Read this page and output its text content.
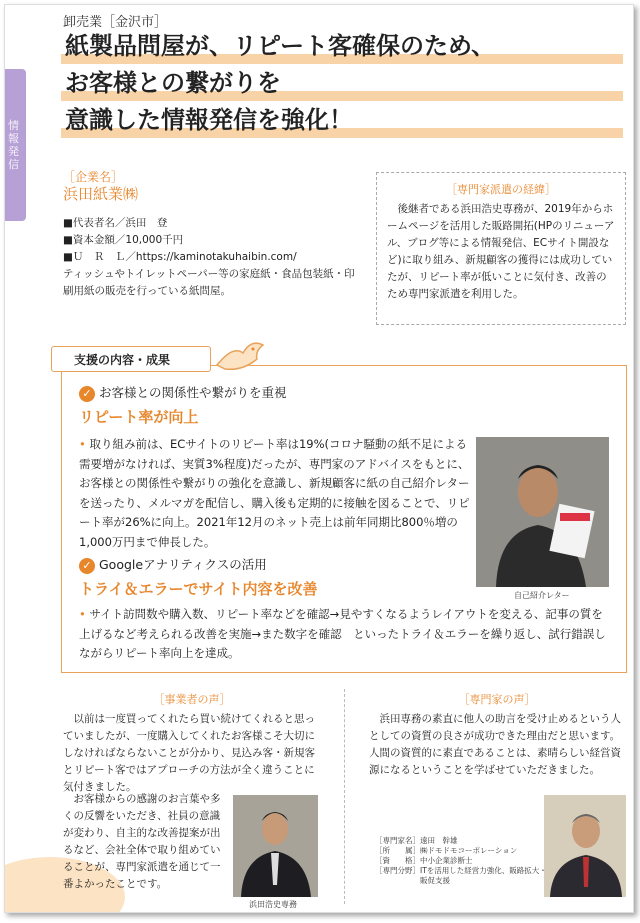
情報発信
卸売業［金沢市］
紙製品問屋が、リピート客確保のため、
お客様との繋がりを
意識した情報発信を強化！
［企業名］
浜田紙業㈱
■代表者名／浜田　登
■資本金額／10,000千円
■Ｕ　Ｒ　Ｌ／https://kaminotakuhaibin.com/
ティッシュやトイレットペーパー等の家庭紙・食品包装紙・印刷用紙の販売を行っている紙問屋。
［専門家派遣の経緯］
後継者である浜田浩史専務が、2019年からホームページを活用した販路開拓(HPのリニューアル、ブログ等による情報発信、ECサイト開設など)に取り組み、新規顧客の獲得には成功していたが、リピート率が低いことに気付き、改善のため専門家派遣を利用した。
支援の内容・成果
✓ お客様との関係性や繋がりを重視
リピート率が向上
• 取り組み前は、ECサイトのリピート率は19%(コロナ騒動の紙不足による需要増がなければ、実質3%程度)だったが、専門家のアドバイスをもとに、お客様との関係性や繋がりの強化を意識し、新規顧客に紙の自己紹介レターを送ったり、メルマガを配信し、購入後も定期的に接触を図ることで、リピート率が26%に向上。2021年12月のネット売上は前年同期比800％増の1,000万円まで伸長した。
自己紹介レター
✓ Googleアナリティクスの活用
トライ＆エラーでサイト内容を改善
• サイト訪問数や購入数、リピート率などを確認→見やすくなるようレイアウトを変える、記事の質を上げるなど考えられる改善を実施→また数字を確認　といったトライ＆エラーを繰り返し、試行錯誤しながらリピート率向上を達成。
［事業者の声］

以前は一度買ってくれたら買い続けてくれると思っていましたが、一度購入してくれたお客様こそ大切にしなければならないことが分かり、見込み客・新規客とリピート客ではアプローチの方法が全く違うことに気付きました。

お客様からの感謝のお言葉や多くの反響をいただき、社員の意識が変わり、自主的な改善提案が出るなど、会社全体で取り組めていることが、専門家派遣を通じて一番よかったことです。

浜田浩史専務
［専門家の声］

浜田専務の素直に他人の助言を受け止めるという人としての資質の良さが成功できた理由だと思います。人間の資質的に素直であることは、素晴らしい経営資源になるということを学ばせていただきました。

［専門家名］遠田　幹雄
［所　　属］㈱ドモドモコーポレーション
［資　　格］中小企業診断士
［専門分野］ITを活用した経営力強化、販路拡大・
　　　　　　販促支援
